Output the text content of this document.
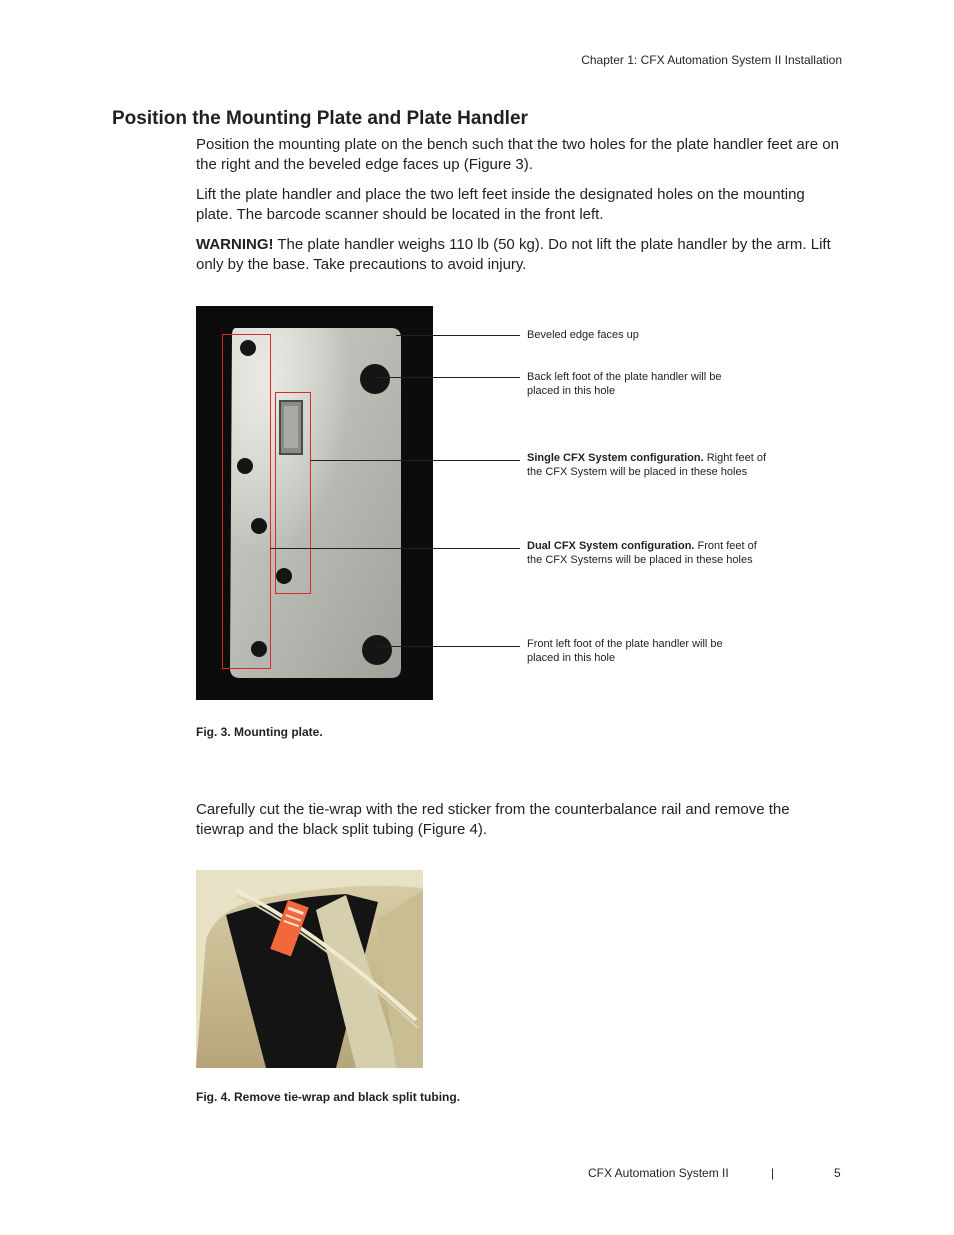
Chapter 1: CFX Automation System II Installation
Position the Mounting Plate and Plate Handler

Position the mounting plate on the bench such that the two holes for the plate handler feet are on the right and the beveled edge faces up (Figure 3).

Lift the plate handler and place the two left feet inside the designated holes on the mounting plate. The barcode scanner should be located in the front left.

WARNING! The plate handler weighs 110 lb (50 kg). Do not lift the plate handler by the arm. Lift only by the base. Take precautions to avoid injury.

Beveled edge faces up
Back left foot of the plate handler will be placed in this hole
Single CFX System configuration. Right feet of the CFX System will be placed in these holes
Dual CFX System configuration. Front feet of the CFX Systems will be placed in these holes
Front left foot of the plate handler will be placed in this hole
Fig. 3. Mounting plate.

Carefully cut the tie-wrap with the red sticker from the counterbalance rail and remove the tiewrap and the black split tubing (Figure 4).

Fig. 4. Remove tie-wrap and black split tubing.
CFX Automation System II	|	5
